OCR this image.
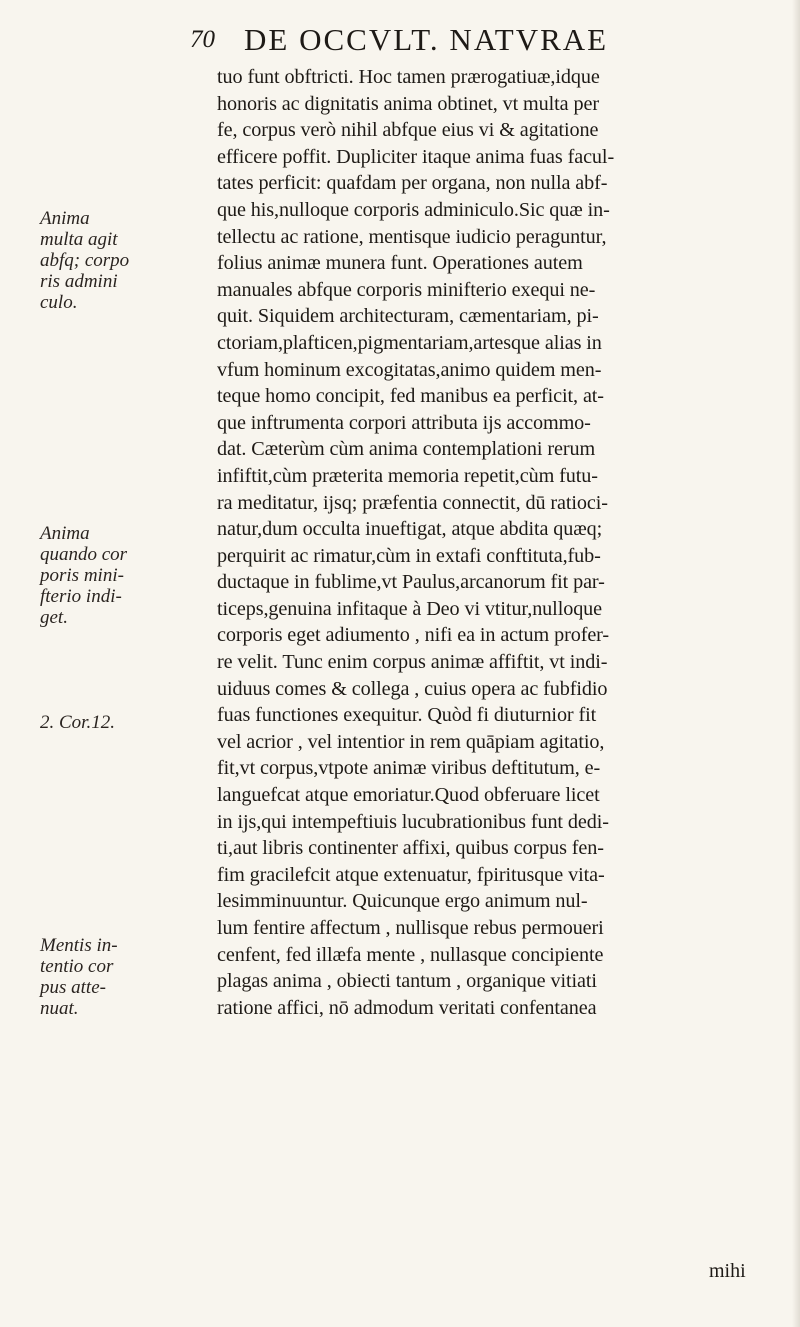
70 DE OCCVLT. NATVRAE
Anima
multa agit
abfq; corpo
ris admini
culo.
Anima
quando cor
poris mini-
fterio indi-
get.
2. Cor.12.
Mentis in-
tentio cor
pus atte-
nuat.
tuo funt obftricti. Hoc tamen prærogatiuæ,idque
honoris ac dignitatis anima obtinet, vt multa per
fe, corpus verò nihil abfque eius vi & agitatione
efficere poffit. Dupliciter itaque anima fuas facul-
tates perficit: quafdam per organa, non nulla abf-
que his,nulloque corporis adminiculo.Sic quæ in-
tellectu ac ratione, mentisque iudicio peraguntur,
folius animæ munera funt. Operationes autem
manuales abfque corporis minifterio exequi ne-
quit. Siquidem architecturam, cæmentariam, pi-
ctoriam,plafticen,pigmentariam,artesque alias in
vfum hominum excogitatas,animo quidem men-
teque homo concipit, fed manibus ea perficit, at-
que inftrumenta corpori attributa ijs accommo-
dat. Cæterùm cùm anima contemplationi rerum
infiftit,cùm præterita memoria repetit,cùm futu-
ra meditatur, ijsq; præfentia connectit, dū ratioci-
natur,dum occulta inueftigat, atque abdita quæq;
perquirit ac rimatur,cùm in extafi conftituta,fub-
ductaque in fublime,vt Paulus,arcanorum fit par-
ticeps,genuina infitaque à Deo vi vtitur,nulloque
corporis eget adiumento , nifi ea in actum profer-
re velit. Tunc enim corpus animæ affiftit, vt indi-
uiduus comes & collega , cuius opera ac fubfidio
fuas functiones exequitur. Quòd fi diuturnior fit
vel acrior , vel intentior in rem quāpiam agitatio,
fit,vt corpus,vtpote animæ viribus deftitutum, e-
languefcat atque emoriatur.Quod obferuare licet
in ijs,qui intempeftiuis lucubrationibus funt dedi-
ti,aut libris continenter affixi, quibus corpus fen-
fim gracilefcit atque extenuatur, fpiritusque vita-
lesimminuuntur. Quicunque ergo animum nul-
lum fentire affectum , nullisque rebus permoueri
cenfent, fed illæfa mente , nullasque concipiente
plagas anima , obiecti tantum , organique vitiati
ratione affici, nō admodum veritati confentanea
mihi
